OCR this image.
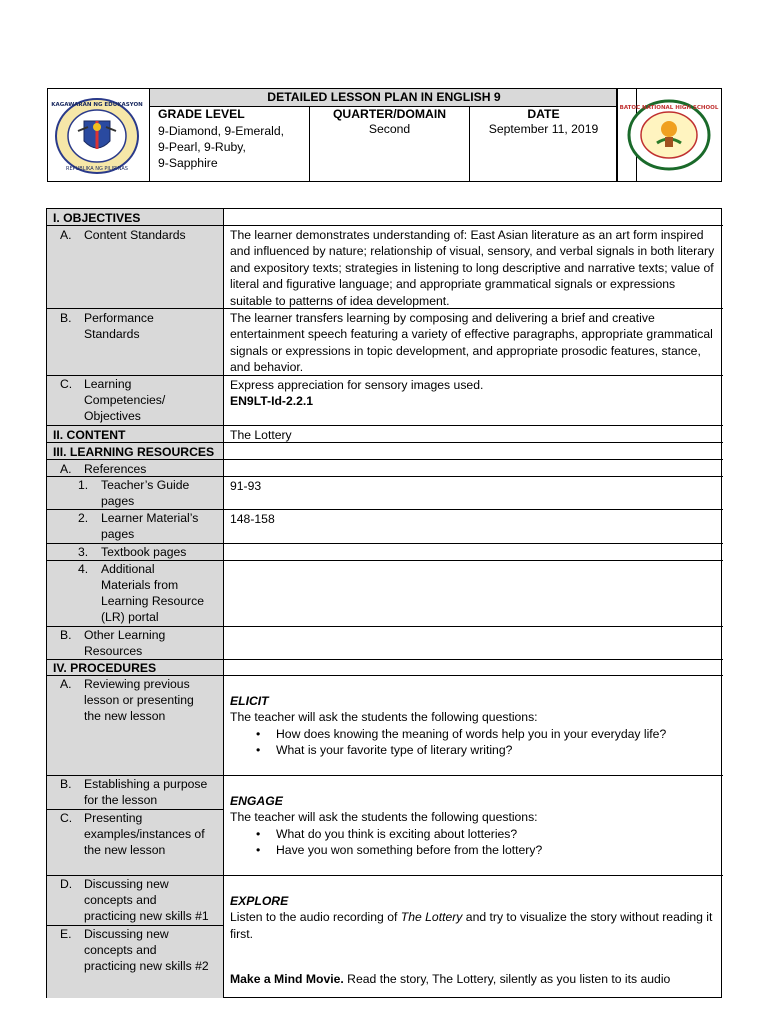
REPUBLIKA NG PILIPINAS
KAGAWARAN NG EDUKASYON
DETAILED LESSON PLAN IN ENGLISH 9
GRADE LEVEL
9-Diamond, 9-Emerald,
9-Pearl, 9-Ruby,
9-Sapphire
QUARTER/DOMAIN
Second
DATE
September 11, 2019
BATOC NATIONAL HIGH SCHOOL
I. OBJECTIVES
A. Content Standards	The learner demonstrates understanding of: East Asian literature as an art form inspired and influenced by nature; relationship of visual, sensory, and verbal signals in both literary and expository texts; strategies in listening to long descriptive and narrative texts; value of literal and figurative language; and appropriate grammatical signals or expressions suitable to patterns of idea development.
B. Performance
Standards
The learner transfers learning by composing and delivering a brief and creative entertainment speech featuring a variety of effective paragraphs, appropriate grammatical signals or expressions in topic development, and appropriate prosodic features, stance, and behavior.
C. Learning
Competencies/
Objectives
Express appreciation for sensory images used.
EN9LT-Id-2.2.1
II. CONTENT	The Lottery
III. LEARNING RESOURCES
A. References
1. Teacher’s Guide
pages
91-93
2. Learner Material’s
pages
148-158
3. Textbook pages
4. Additional
Materials from
Learning Resource
(LR) portal
B. Other Learning
Resources
IV. PROCEDURES
A. Reviewing previous
lesson or presenting
the new lesson
ELICIT
The teacher will ask the students the following questions:
• How does knowing the meaning of words help you in your everyday life?
• What is your favorite type of literary writing?
B. Establishing a purpose
for the lesson
C. Presenting
examples/instances of
the new lesson
ENGAGE
The teacher will ask the students the following questions:
• What do you think is exciting about lotteries?
• Have you won something before from the lottery?
D. Discussing new
concepts and
practicing new skills #1
E. Discussing new
concepts and
practicing new skills #2
EXPLORE
Listen to the audio recording of The Lottery and try to visualize the story without reading it first.
Make a Mind Movie. Read the story, The Lottery, silently as you listen to its audio
